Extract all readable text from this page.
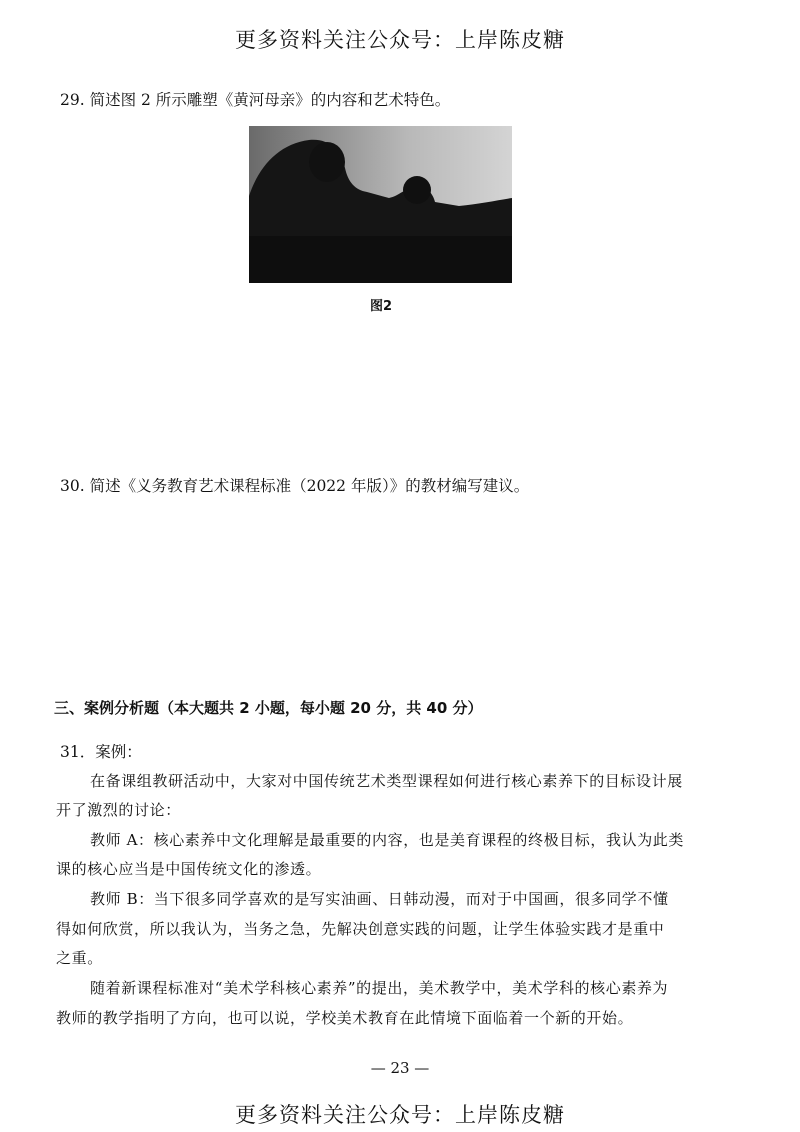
更多资料关注公众号：上岸陈皮糖
29. 简述图 2 所示雕塑《黄河母亲》的内容和艺术特色。
图2
30. 简述《义务教育艺术课程标准（2022 年版）》的教材编写建议。
三、案例分析题（本大题共 2 小题，每小题 20 分，共 40 分）
31．案例：
在备课组教研活动中，大家对中国传统艺术类型课程如何进行核心素养下的目标设计展
开了激烈的讨论：
教师 A：核心素养中文化理解是最重要的内容，也是美育课程的终极目标，我认为此类
课的核心应当是中国传统文化的渗透。
教师 B：当下很多同学喜欢的是写实油画、日韩动漫，而对于中国画，很多同学不懂
得如何欣赏，所以我认为，当务之急，先解决创意实践的问题，让学生体验实践才是重中
之重。
随着新课程标准对“美术学科核心素养”的提出，美术教学中，美术学科的核心素养为
教师的教学指明了方向，也可以说，学校美术教育在此情境下面临着一个新的开始。
— 23 —
更多资料关注公众号：上岸陈皮糖
